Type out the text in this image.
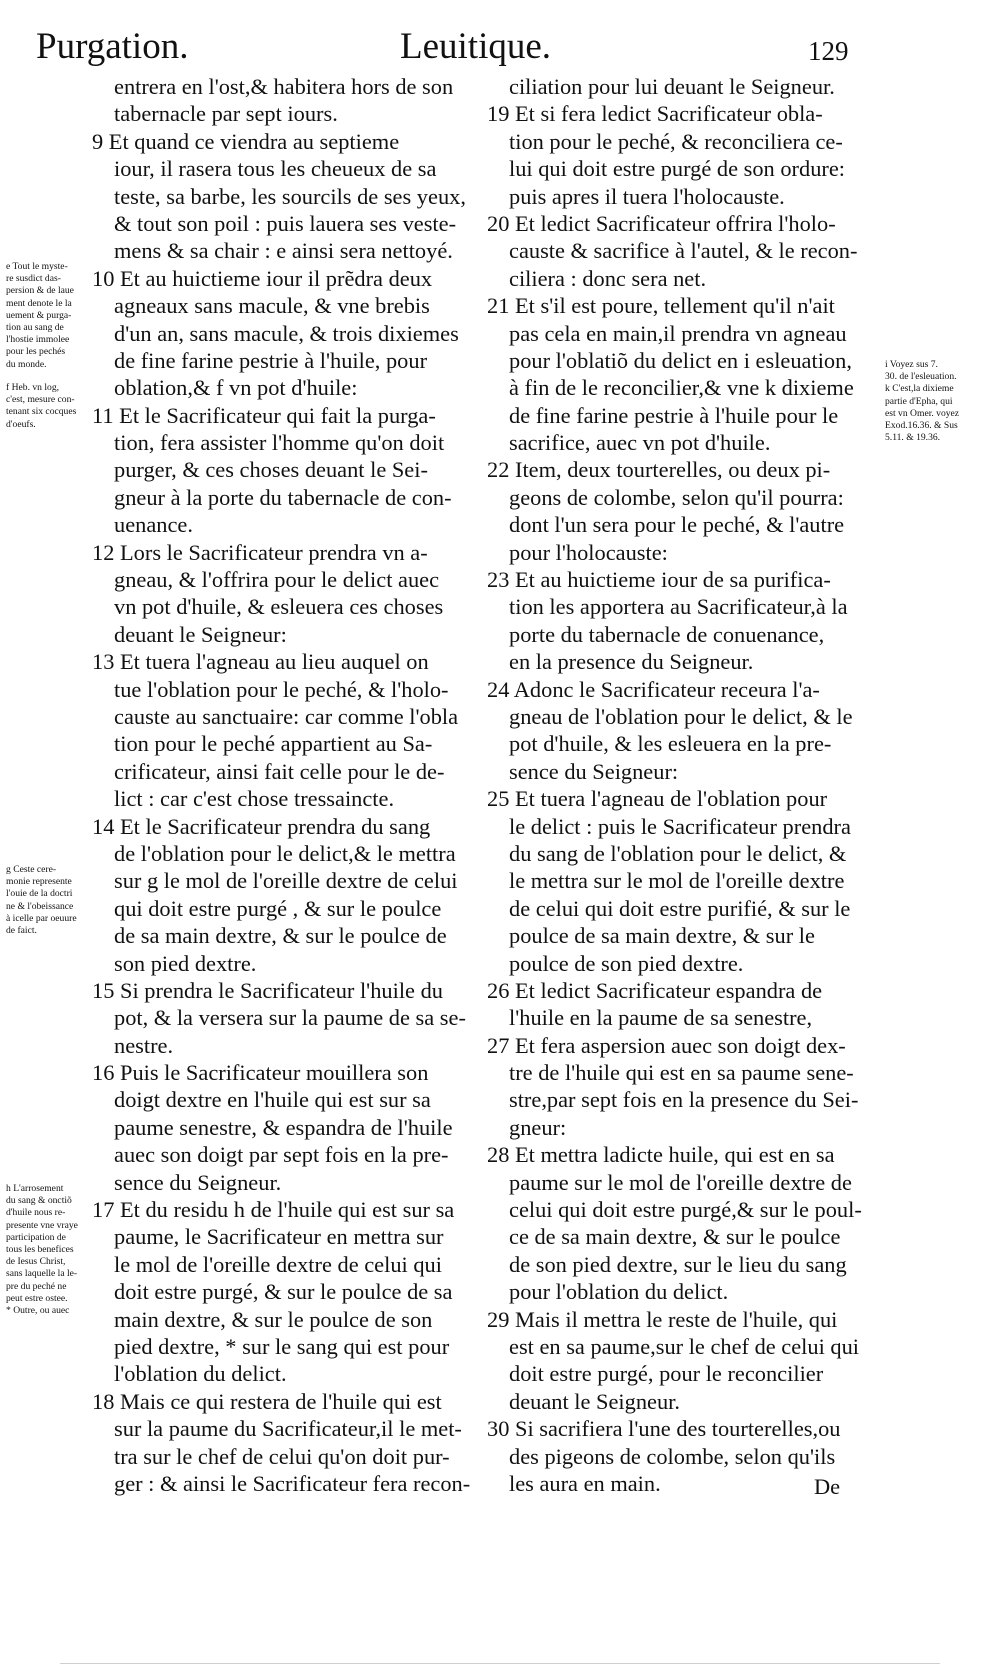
Purgation.	Leuitique.	129
entrera en l'ost,& habitera hors de son
tabernacle par sept iours.
9 Et quand ce viendra au septieme
iour, il rasera tous les cheueux de sa
teste, sa barbe, les sourcils de ses yeux,
& tout son poil : puis lauera ses veste-
mens & sa chair : e ainsi sera nettoyé.
10 Et au huictieme iour il prẽdra deux
agneaux sans macule, & vne brebis
d'un an, sans macule, & trois dixiemes
de fine farine pestrie à l'huile, pour
oblation,& f vn pot d'huile:
11 Et le Sacrificateur qui fait la purga-
tion, fera assister l'homme qu'on doit
purger, & ces choses deuant le Sei-
gneur à la porte du tabernacle de con-
uenance.
12 Lors le Sacrificateur prendra vn a-
gneau, & l'offrira pour le delict auec
vn pot d'huile, & esleuera ces choses
deuant le Seigneur:
13 Et tuera l'agneau au lieu auquel on
tue l'oblation pour le peché, & l'holo-
causte au sanctuaire: car comme l'obla
tion pour le peché appartient au Sa-
crificateur, ainsi fait celle pour le de-
lict : car c'est chose tressaincte.
14 Et le Sacrificateur prendra du sang
de l'oblation pour le delict,& le mettra
sur g le mol de l'oreille dextre de celui
qui doit estre purgé , & sur le poulce
de sa main dextre, & sur le poulce de
son pied dextre.
15 Si prendra le Sacrificateur l'huile du
pot, & la versera sur la paume de sa se-
nestre.
16 Puis le Sacrificateur mouillera son
doigt dextre en l'huile qui est sur sa
paume senestre, & espandra de l'huile
auec son doigt par sept fois en la pre-
sence du Seigneur.
17 Et du residu h de l'huile qui est sur sa
paume, le Sacrificateur en mettra sur
le mol de l'oreille dextre de celui qui
doit estre purgé, & sur le poulce de sa
main dextre, & sur le poulce de son
pied dextre, * sur le sang qui est pour
l'oblation du delict.
18 Mais ce qui restera de l'huile qui est
sur la paume du Sacrificateur,il le met-
tra sur le chef de celui qu'on doit pur-
ger : & ainsi le Sacrificateur fera recon-
ciliation pour lui deuant le Seigneur.
19 Et si fera ledict Sacrificateur obla-
tion pour le peché, & reconciliera ce-
lui qui doit estre purgé de son ordure:
puis apres il tuera l'holocauste.
20 Et ledict Sacrificateur offrira l'holo-
causte & sacrifice à l'autel, & le recon-
ciliera : donc sera net.
21 Et s'il est poure, tellement qu'il n'ait
pas cela en main,il prendra vn agneau
pour l'oblatiõ du delict en i esleuation,
à fin de le reconcilier,& vne k dixieme
de fine farine pestrie à l'huile pour le
sacrifice, auec vn pot d'huile.
22 Item, deux tourterelles, ou deux pi-
geons de colombe, selon qu'il pourra:
dont l'un sera pour le peché, & l'autre
pour l'holocauste:
23 Et au huictieme iour de sa purifica-
tion les apportera au Sacrificateur,à la
porte du tabernacle de conuenance,
en la presence du Seigneur.
24 Adonc le Sacrificateur receura l'a-
gneau de l'oblation pour le delict, & le
pot d'huile, & les esleuera en la pre-
sence du Seigneur:
25 Et tuera l'agneau de l'oblation pour
le delict : puis le Sacrificateur prendra
du sang de l'oblation pour le delict, &
le mettra sur le mol de l'oreille dextre
de celui qui doit estre purifié, & sur le
poulce de sa main dextre, & sur le
poulce de son pied dextre.
26 Et ledict Sacrificateur espandra de
l'huile en la paume de sa senestre,
27 Et fera aspersion auec son doigt dex-
tre de l'huile qui est en sa paume sene-
stre,par sept fois en la presence du Sei-
gneur:
28 Et mettra ladicte huile, qui est en sa
paume sur le mol de l'oreille dextre de
celui qui doit estre purgé,& sur le poul-
ce de sa main dextre, & sur le poulce
de son pied dextre, sur le lieu du sang
pour l'oblation du delict.
29 Mais il mettra le reste de l'huile, qui
est en sa paume,sur le chef de celui qui
doit estre purgé, pour le reconcilier
deuant le Seigneur.
30 Si sacrifiera l'une des tourterelles,ou
des pigeons de colombe, selon qu'ils
les aura en main.
e Tout le myste-
re susdict das-
persion & de laue
ment denote le la
uement & purga-
tion au sang de
l'hostie immolee
pour les pechés
du monde.
f Heb. vn log,
c'est, mesure con-
tenant six cocques
d'oeufs.
g Ceste cere-
monie represente
l'ouie de la doctri
ne & l'obeissance
à icelle par oeuure
de faict.
h L'arrosement
du sang & onctiõ
d'huile nous re-
presente vne vraye
participation de
tous les benefices
de Iesus Christ,
sans laquelle la le-
pre du peché ne
peut estre ostee.
* Outre, ou auec
i Voyez sus 7.
30. de l'esleuation.
k C'est,la dixieme
partie d'Epha, qui
est vn Omer. voyez
Exod.16.36. & Sus
5.11. & 19.36.
De
